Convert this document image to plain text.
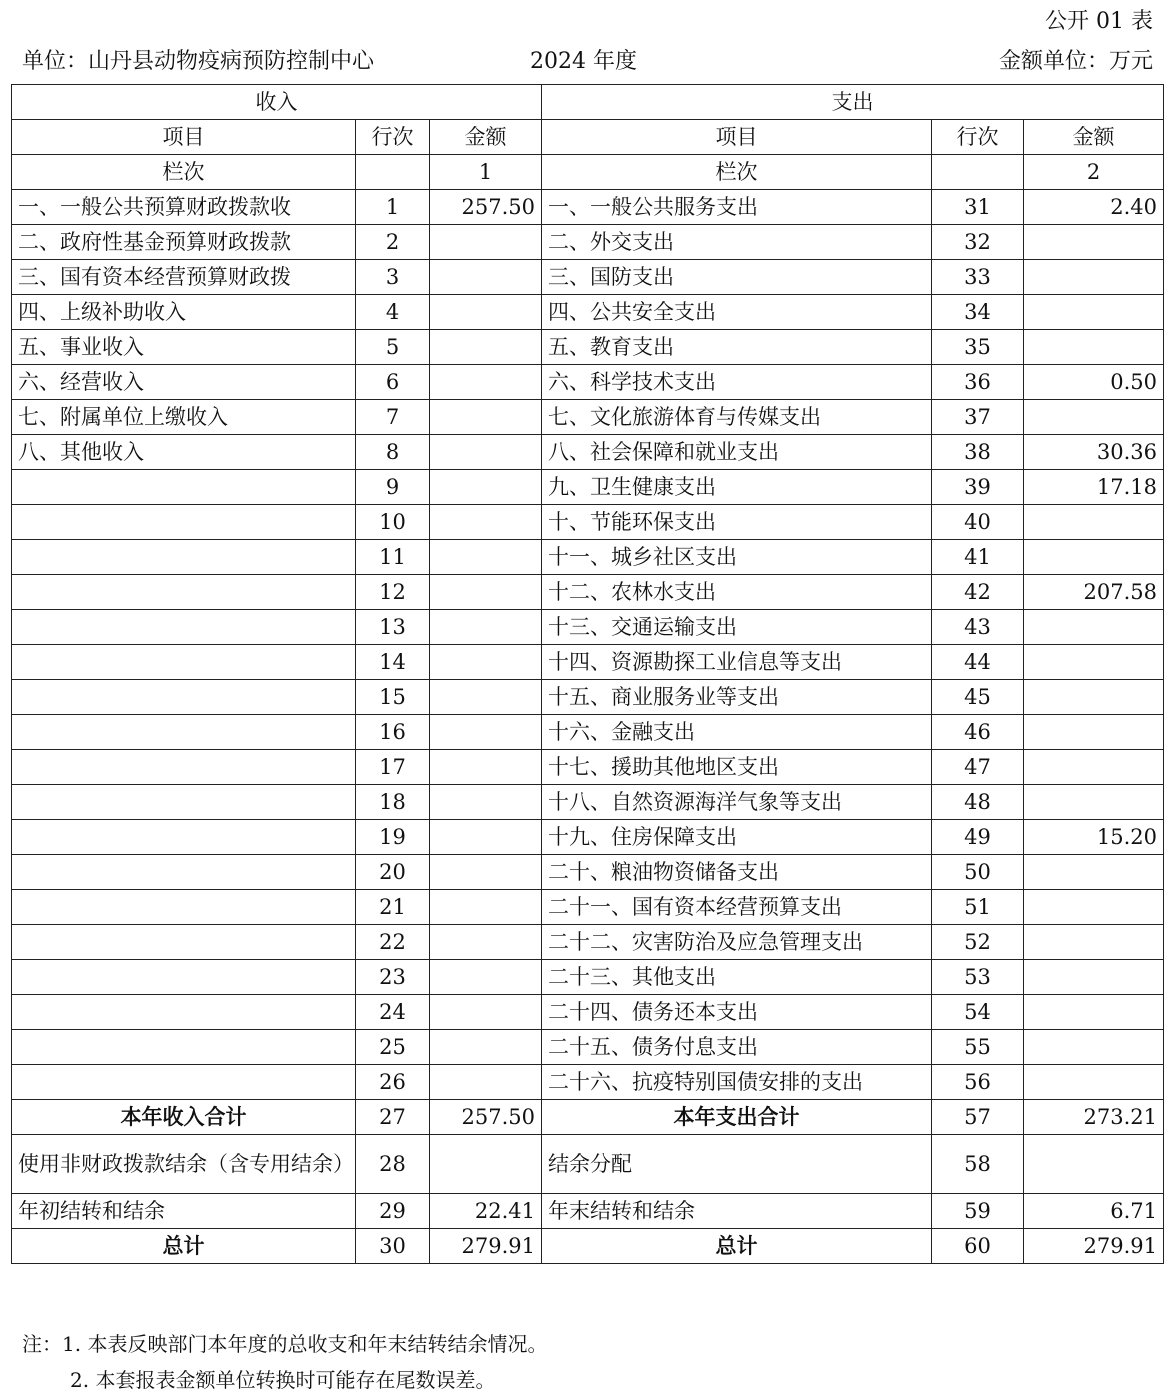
公开 01 表
单位：山丹县动物疫病预防控制中心	2024 年度	金额单位：万元
收入			支出		
项目	行次	金额	项目	行次	金额
栏次		1	栏次		2
一、一般公共预算财政拨款收	1	257.50	一、一般公共服务支出	31	2.40
二、政府性基金预算财政拨款	2		二、外交支出	32	
三、国有资本经营预算财政拨	3		三、国防支出	33	
四、上级补助收入	4		四、公共安全支出	34	
五、事业收入	5		五、教育支出	35	
六、经营收入	6		六、科学技术支出	36	0.50
七、附属单位上缴收入	7		七、文化旅游体育与传媒支出	37	
八、其他收入	8		八、社会保障和就业支出	38	30.36
	9		九、卫生健康支出	39	17.18
	10		十、节能环保支出	40	
	11		十一、城乡社区支出	41	
	12		十二、农林水支出	42	207.58
	13		十三、交通运输支出	43	
	14		十四、资源勘探工业信息等支出	44	
	15		十五、商业服务业等支出	45	
	16		十六、金融支出	46	
	17		十七、援助其他地区支出	47	
	18		十八、自然资源海洋气象等支出	48	
	19		十九、住房保障支出	49	15.20
	20		二十、粮油物资储备支出	50	
	21		二十一、国有资本经营预算支出	51	
	22		二十二、灾害防治及应急管理支出	52	
	23		二十三、其他支出	53	
	24		二十四、债务还本支出	54	
	25		二十五、债务付息支出	55	
	26		二十六、抗疫特别国债安排的支出	56	
本年收入合计	27	257.50	本年支出合计	57	273.21
使用非财政拨款结余（含专用结余）	28		结余分配	58	
年初结转和结余	29	22.41	年末结转和结余	59	6.71
总计	30	279.91	总计	60	279.91
注：1. 本表反映部门本年度的总收支和年末结转结余情况。
2. 本套报表金额单位转换时可能存在尾数误差。
